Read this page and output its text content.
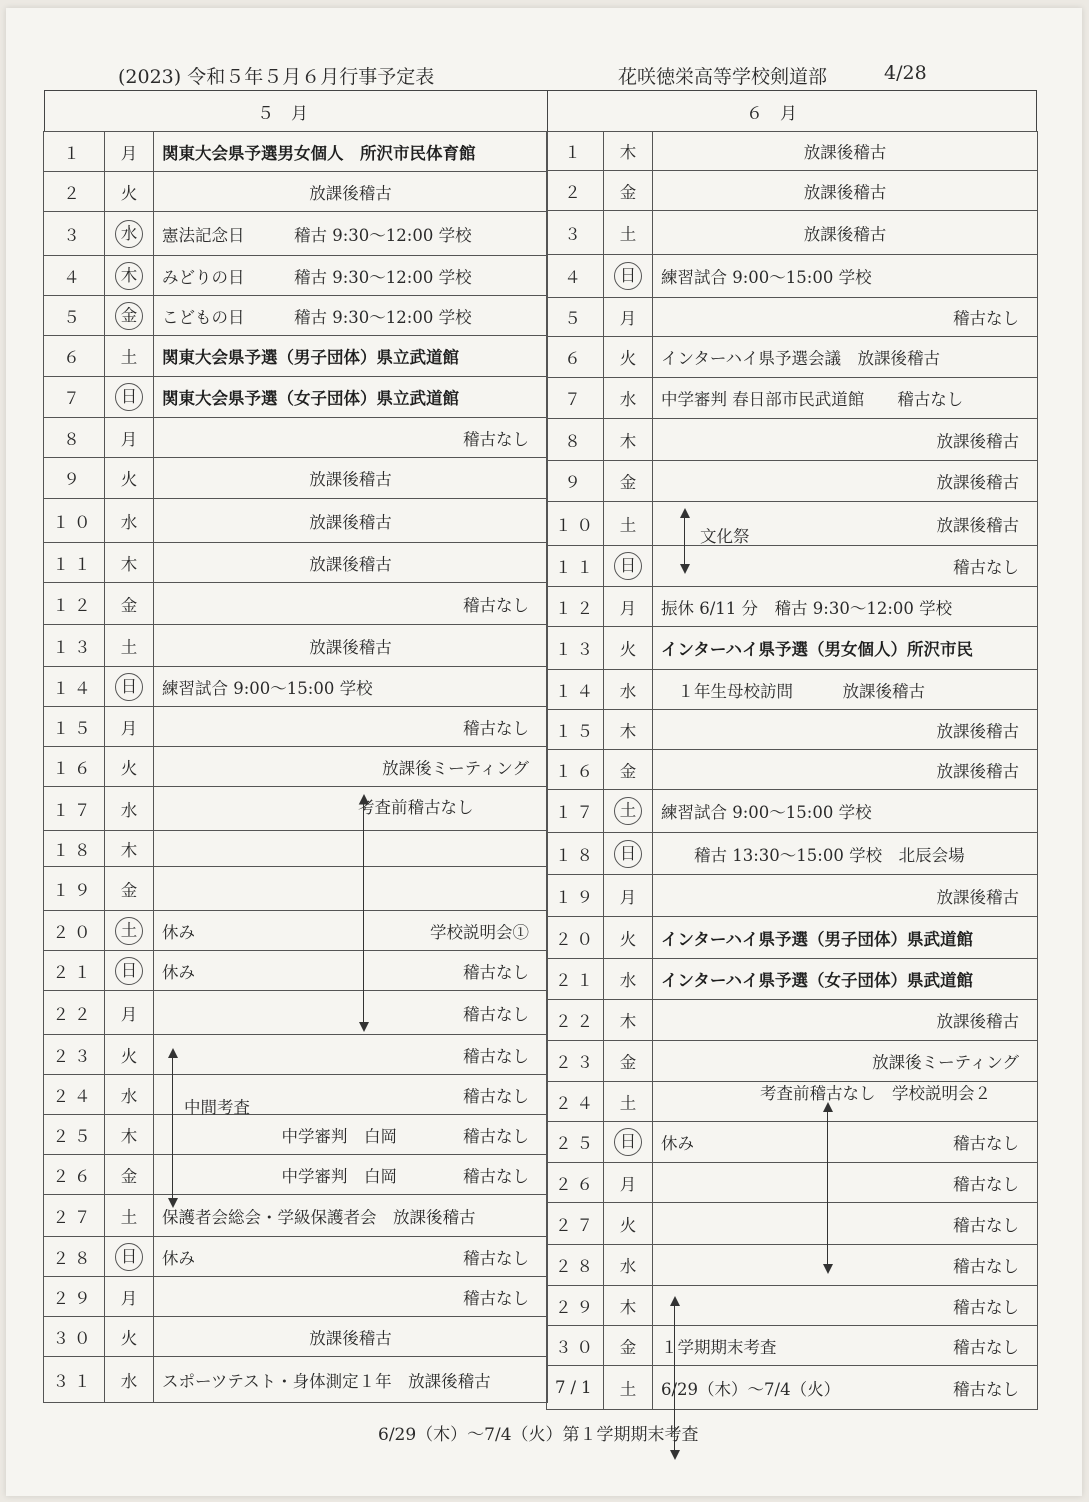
(2023) 令和５年５月６月行事予定表	花咲徳栄高等学校剣道部	4/28
５　月	６　月
１	月	関東大会県予選男女個人　所沢市民体育館
２	火	放課後稽古
３	水	憲法記念日　　　稽古 9:30～12:00 学校
４	木	みどりの日　　　稽古 9:30～12:00 学校
５	金	こどもの日　　　稽古 9:30～12:00 学校
６	土	関東大会県予選（男子団体）県立武道館
７	日	関東大会県予選（女子団体）県立武道館
８	月	稽古なし
９	火	放課後稽古
１０	水	放課後稽古
１１	木	放課後稽古
１２	金	稽古なし
１３	土	放課後稽古
１４	日	練習試合 9:00～15:00 学校
１５	月	稽古なし
１６	火	放課後ミーティング
１７	水	
１８	木	
１９	金	
２０	土	休み 学校説明会①

２１	日	休み 稽古なし

２２	月	稽古なし
２３	火	稽古なし
２４	水	稽古なし
２５	木	中学審判　白岡　　　　稽古なし
２６	金	中学審判　白岡　　　　稽古なし
２７	土	保護者会総会・学級保護者会　放課後稽古
２８	日	休み 稽古なし

２９	月	稽古なし
３０	火	放課後稽古
３１	水	スポーツテスト・身体測定１年　放課後稽古
１	木	放課後稽古
２	金	放課後稽古
３	土	放課後稽古
４	日	練習試合 9:00～15:00 学校
５	月	稽古なし
６	火	インターハイ県予選会議　放課後稽古
７	水	中学審判 春日部市民武道館　　稽古なし
８	木	放課後稽古
９	金	放課後稽古
１０	土	放課後稽古
１１	日	稽古なし
１２	月	振休 6/11 分　稽古 9:30～12:00 学校
１３	火	インターハイ県予選（男女個人）所沢市民
１４	水	　１年生母校訪問　　　放課後稽古
１５	木	放課後稽古
１６	金	放課後稽古
１７	土	練習試合 9:00～15:00 学校
１８	日	　　稽古 13:30～15:00 学校　北辰会場
１９	月	放課後稽古
２０	火	インターハイ県予選（男子団体）県武道館
２１	水	インターハイ県予選（女子団体）県武道館
２２	木	放課後稽古
２３	金	放課後ミーティング
２４	土	
２５	日	休み 稽古なし

２６	月	稽古なし
２７	火	稽古なし
２８	水	稽古なし
２９	木	稽古なし
３０	金	１学期期末考査 稽古なし

7/1	土	6/29（木）～7/4（火） 稽古なし
考査前稽古なし
中間考査
文化祭
考査前稽古なし　学校説明会２
6/29（木）～7/4（火）第１学期期末考査
